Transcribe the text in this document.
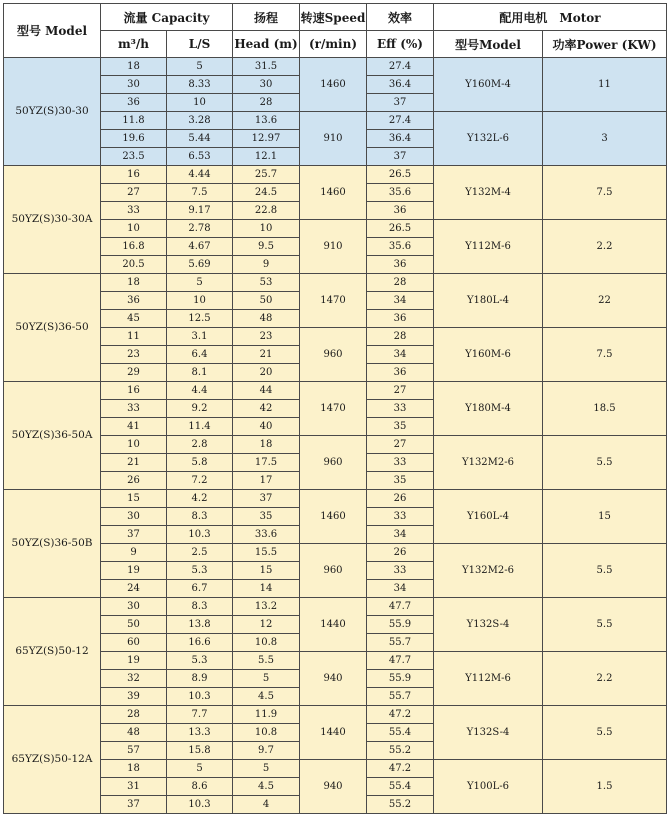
型号 Model	流量 Capacity		扬程	转速Speed	效率	配用电机　Motor	
	m³/h	L/S	Head (m)	(r/min)	Eff (%)	型号Model	功率Power (KW)
50YZ(S)30-30	18	5	31.5	1460	27.4	Y160M-4	11
	30	8.33	30		36.4		
	36	10	28		37		
	11.8	3.28	13.6	910	27.4	Y132L-6	3
	19.6	5.44	12.97		36.4		
	23.5	6.53	12.1		37		
50YZ(S)30-30A	16	4.44	25.7	1460	26.5	Y132M-4	7.5
	27	7.5	24.5		35.6		
	33	9.17	22.8		36		
	10	2.78	10	910	26.5	Y112M-6	2.2
	16.8	4.67	9.5		35.6		
	20.5	5.69	9		36		
50YZ(S)36-50	18	5	53	1470	28	Y180L-4	22
	36	10	50		34		
	45	12.5	48		36		
	11	3.1	23	960	28	Y160M-6	7.5
	23	6.4	21		34		
	29	8.1	20		36		
50YZ(S)36-50A	16	4.4	44	1470	27	Y180M-4	18.5
	33	9.2	42		33		
	41	11.4	40		35		
	10	2.8	18	960	27	Y132M2-6	5.5
	21	5.8	17.5		33		
	26	7.2	17		35		
50YZ(S)36-50B	15	4.2	37	1460	26	Y160L-4	15
	30	8.3	35		33		
	37	10.3	33.6		34		
	9	2.5	15.5	960	26	Y132M2-6	5.5
	19	5.3	15		33		
	24	6.7	14		34		
65YZ(S)50-12	30	8.3	13.2	1440	47.7	Y132S-4	5.5
	50	13.8	12		55.9		
	60	16.6	10.8		55.7		
	19	5.3	5.5	940	47.7	Y112M-6	2.2
	32	8.9	5		55.9		
	39	10.3	4.5		55.7		
65YZ(S)50-12A	28	7.7	11.9	1440	47.2	Y132S-4	5.5
	48	13.3	10.8		55.4		
	57	15.8	9.7		55.2		
	18	5	5	940	47.2	Y100L-6	1.5
	31	8.6	4.5		55.4		
	37	10.3	4		55.2		
